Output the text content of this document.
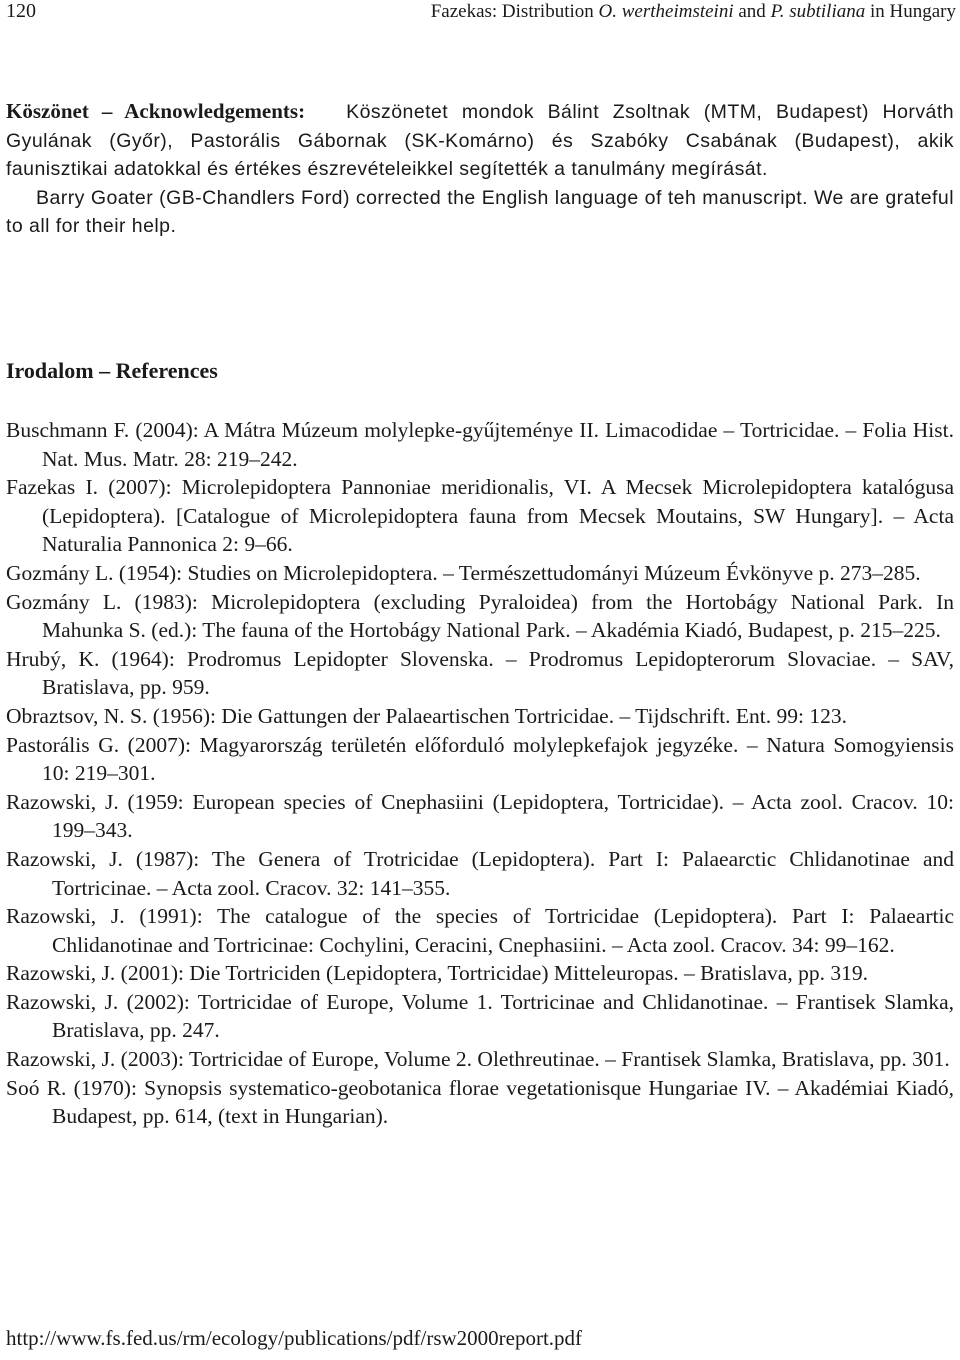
120	Fazekas: Distribution O. wertheimsteini and P. subtiliana in Hungary

Köszönet – Acknowledgements: Köszönetet mondok Bálint Zsoltnak (MTM, Budapest) Horváth Gyulának (Győr), Pastorális Gábornak (SK-Komárno) és Szabóky Csabának (Budapest), akik faunisztikai adatokkal és értékes észrevételeikkel segítették a tanulmány megírását.

Barry Goater (GB-Chandlers Ford) corrected the English language of teh manuscript. We are grateful to all for their help.

Irodalom – References

Buschmann F. (2004): A Mátra Múzeum molylepke-gyűjteménye II. Limacodidae – Tortricidae. – Folia Hist. Nat. Mus. Matr. 28: 219–242.

Fazekas I. (2007): Microlepidoptera Pannoniae meridionalis, VI. A Mecsek Microlepidoptera katalógusa (Lepidoptera). [Catalogue of Microlepidoptera fauna from Mecsek Moutains, SW Hungary]. – Acta Naturalia Pannonica 2: 9–66.

Gozmány L. (1954): Studies on Microlepidoptera. – Természettudományi Múzeum Évkönyve p. 273–285.

Gozmány L. (1983): Microlepidoptera (excluding Pyraloidea) from the Hortobágy National Park. In Mahunka S. (ed.): The fauna of the Hortobágy National Park. – Akadémia Kiadó, Budapest, p. 215–225.

Hrubý, K. (1964): Prodromus Lepidopter Slovenska. – Prodromus Lepidopterorum Slovaciae. – SAV, Bratislava, pp. 959.

Obraztsov, N. S. (1956): Die Gattungen der Palaeartischen Tortricidae. – Tijdschrift. Ent. 99: 123.

Pastorális G. (2007): Magyarország területén előforduló molylepkefajok jegyzéke. – Natura Somogyiensis 10: 219–301.

Razowski, J. (1959: European species of Cnephasiini (Lepidoptera, Tortricidae). – Acta zool. Cracov. 10: 199–343.

Razowski, J. (1987): The Genera of Trotricidae (Lepidoptera). Part I: Palaearctic Chlidanotinae and Tortricinae. – Acta zool. Cracov. 32: 141–355.

Razowski, J. (1991): The catalogue of the species of Tortricidae (Lepidoptera). Part I: Palaeartic Chlidanotinae and Tortricinae: Cochylini, Ceracini, Cnephasiini. – Acta zool. Cracov. 34: 99–162.

Razowski, J. (2001): Die Tortriciden (Lepidoptera, Tortricidae) Mitteleuropas. – Bratislava, pp. 319.

Razowski, J. (2002): Tortricidae of Europe, Volume 1. Tortricinae and Chlidanotinae. – Frantisek Slamka, Bratislava, pp. 247.

Razowski, J. (2003): Tortricidae of Europe, Volume 2. Olethreutinae. – Frantisek Slamka, Bratislava, pp. 301.

Soó R. (1970): Synopsis systematico-geobotanica florae vegetationisque Hungariae IV. – Akadémiai Kiadó, Budapest, pp. 614, (text in Hungarian).

http://www.fs.fed.us/rm/ecology/publications/pdf/rsw2000report.pdf
